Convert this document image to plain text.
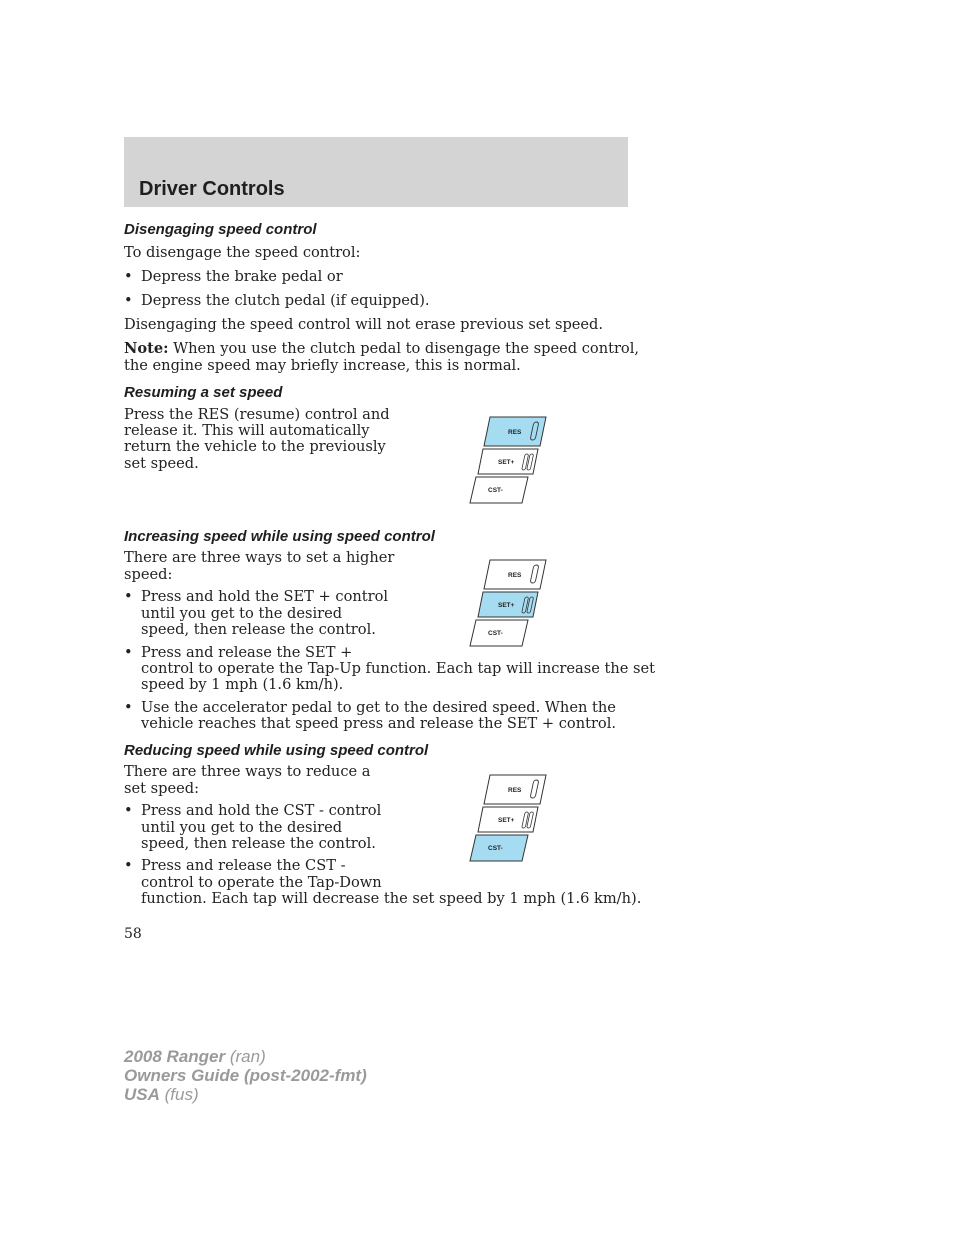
Driver Controls
Disengaging speed control
To disengage the speed control:
• Depress the brake pedal or
• Depress the clutch pedal (if equipped).
Disengaging the speed control will not erase previous set speed.
Note: When you use the clutch pedal to disengage the speed control,
the engine speed may briefly increase, this is normal.
Resuming a set speed
Press the RES (resume) control and
release it. This will automatically
return the vehicle to the previously
set speed.
Increasing speed while using speed control
There are three ways to set a higher
speed:
• Press and hold the SET + control
until you get to the desired
speed, then release the control.
• Press and release the SET +
control to operate the Tap-Up function. Each tap will increase the set
speed by 1 mph (1.6 km/h).
• Use the accelerator pedal to get to the desired speed. When the
vehicle reaches that speed press and release the SET + control.
Reducing speed while using speed control
There are three ways to reduce a
set speed:
• Press and hold the CST - control
until you get to the desired
speed, then release the control.
• Press and release the CST -
control to operate the Tap-Down
function. Each tap will decrease the set speed by 1 mph (1.6 km/h).
RES
SET+
CST-
RES
SET+
CST-
RES
SET+
CST-
58
2008 Ranger (ran)
Owners Guide (post-2002-fmt)
USA (fus)
